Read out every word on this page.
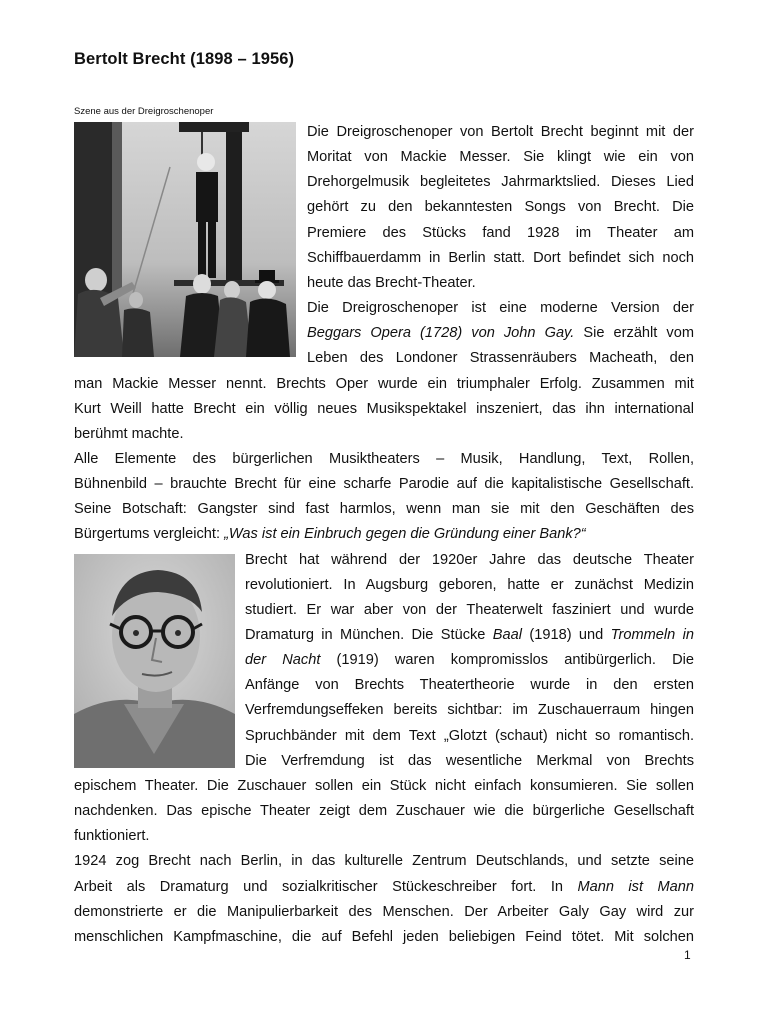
Bertolt Brecht (1898 – 1956)
Szene aus der Dreigroschenoper
Die Dreigroschenoper von Bertolt Brecht beginnt mit der
Moritat von Mackie Messer. Sie klingt wie ein von
Drehorgelmusik begleitetes Jahrmarktslied. Dieses Lied
gehört zu den bekanntesten Songs von Brecht. Die
Premiere des Stücks fand 1928 im Theater am
Schiffbauerdamm in Berlin statt. Dort befindet sich noch
heute das Brecht-Theater.
Die Dreigroschenoper ist eine moderne Version der
Beggars Opera (1728) von John Gay. Sie erzählt vom
Leben des Londoner Strassenräubers Macheath, den
man Mackie Messer nennt. Brechts Oper wurde ein triumphaler Erfolg. Zusammen mit
Kurt Weill hatte Brecht ein völlig neues Musikspektakel inszeniert, das ihn international
berühmt machte.
Alle Elemente des bürgerlichen Musiktheaters – Musik, Handlung, Text, Rollen,
Bühnenbild – brauchte Brecht für eine scharfe Parodie auf die kapitalistische Gesellschaft.
Seine Botschaft: Gangster sind fast harmlos, wenn man sie mit den Geschäften des
Bürgertums vergleicht: „Was ist ein Einbruch gegen die Gründung einer Bank?“
Brecht hat während der 1920er Jahre das deutsche Theater
revolutioniert. In Augsburg geboren, hatte er zunächst Medizin
studiert. Er war aber von der Theaterwelt fasziniert und wurde
Dramaturg in München. Die Stücke Baal (1918) und Trommeln in
der Nacht (1919) waren kompromisslos antibürgerlich. Die
Anfänge von Brechts Theatertheorie wurde in den ersten
Verfremdungseffeken bereits sichtbar: im Zuschauerraum hingen
Spruchbänder mit dem Text „Glotzt (schaut) nicht so romantisch.
Die Verfremdung ist das wesentliche Merkmal von Brechts
epischem Theater. Die Zuschauer sollen ein Stück nicht einfach konsumieren. Sie sollen
nachdenken. Das epische Theater zeigt dem Zuschauer wie die bürgerliche Gesellschaft
funktioniert.
1924 zog Brecht nach Berlin, in das kulturelle Zentrum Deutschlands, und setzte seine
Arbeit als Dramaturg und sozialkritischer Stückeschreiber fort. In Mann ist Mann
demonstrierte er die Manipulierbarkeit des Menschen. Der Arbeiter Galy Gay wird zur
menschlichen Kampfmaschine, die auf Befehl jeden beliebigen Feind tötet. Mit solchen
1
